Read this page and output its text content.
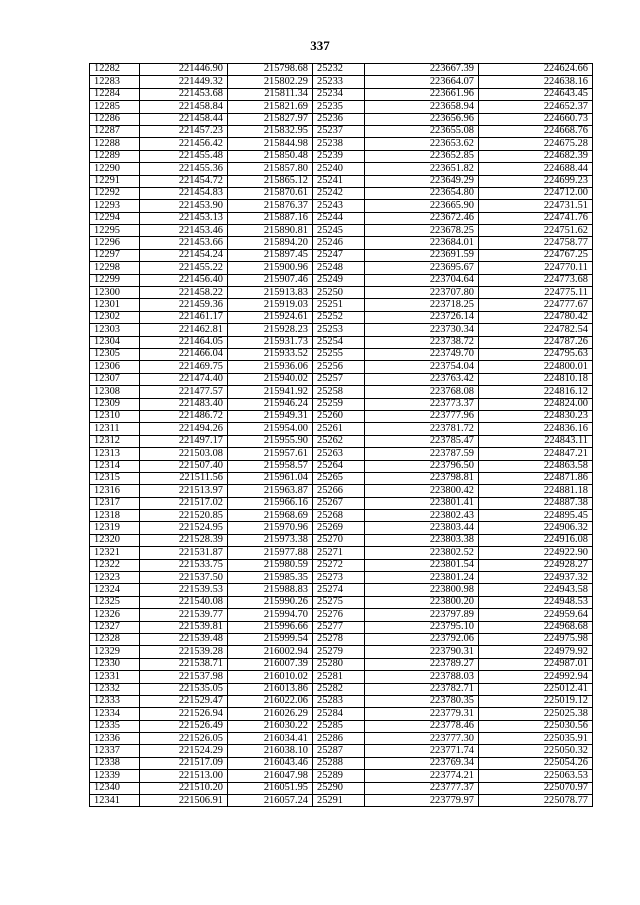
337
12282	221446.90	215798.68	25232	223667.39	224624.66
12283	221449.32	215802.29	25233	223664.07	224638.16
12284	221453.68	215811.34	25234	223661.96	224643.45
12285	221458.84	215821.69	25235	223658.94	224652.37
12286	221458.44	215827.97	25236	223656.96	224660.73
12287	221457.23	215832.95	25237	223655.08	224668.76
12288	221456.42	215844.98	25238	223653.62	224675.28
12289	221455.48	215850.48	25239	223652.85	224682.39
12290	221455.36	215857.80	25240	223651.82	224688.44
12291	221454.72	215865.12	25241	223649.29	224699.23
12292	221454.83	215870.61	25242	223654.80	224712.00
12293	221453.90	215876.37	25243	223665.90	224731.51
12294	221453.13	215887.16	25244	223672.46	224741.76
12295	221453.46	215890.81	25245	223678.25	224751.62
12296	221453.66	215894.20	25246	223684.01	224758.77
12297	221454.24	215897.45	25247	223691.59	224767.25
12298	221455.22	215900.96	25248	223695.67	224770.11
12299	221456.40	215907.46	25249	223704.64	224773.68
12300	221458.22	215913.83	25250	223707.80	224775.11
12301	221459.36	215919.03	25251	223718.25	224777.67
12302	221461.17	215924.61	25252	223726.14	224780.42
12303	221462.81	215928.23	25253	223730.34	224782.54
12304	221464.05	215931.73	25254	223738.72	224787.26
12305	221466.04	215933.52	25255	223749.70	224795.63
12306	221469.75	215936.06	25256	223754.04	224800.01
12307	221474.40	215940.02	25257	223763.42	224810.18
12308	221477.57	215941.92	25258	223768.08	224816.12
12309	221483.40	215946.24	25259	223773.37	224824.00
12310	221486.72	215949.31	25260	223777.96	224830.23
12311	221494.26	215954.00	25261	223781.72	224836.16
12312	221497.17	215955.90	25262	223785.47	224843.11
12313	221503.08	215957.61	25263	223787.59	224847.21
12314	221507.40	215958.57	25264	223796.50	224863.58
12315	221511.56	215961.04	25265	223798.81	224871.86
12316	221513.97	215963.87	25266	223800.42	224881.18
12317	221517.02	215966.16	25267	223801.41	224887.38
12318	221520.85	215968.69	25268	223802.43	224895.45
12319	221524.95	215970.96	25269	223803.44	224906.32
12320	221528.39	215973.38	25270	223803.38	224916.08
12321	221531.87	215977.88	25271	223802.52	224922.90
12322	221533.75	215980.59	25272	223801.54	224928.27
12323	221537.50	215985.35	25273	223801.24	224937.32
12324	221539.53	215988.83	25274	223800.98	224943.58
12325	221540.08	215990.26	25275	223800.20	224948.53
12326	221539.77	215994.70	25276	223797.89	224959.64
12327	221539.81	215996.66	25277	223795.10	224968.68
12328	221539.48	215999.54	25278	223792.06	224975.98
12329	221539.28	216002.94	25279	223790.31	224979.92
12330	221538.71	216007.39	25280	223789.27	224987.01
12331	221537.98	216010.02	25281	223788.03	224992.94
12332	221535.05	216013.86	25282	223782.71	225012.41
12333	221529.47	216022.06	25283	223780.35	225019.12
12334	221526.94	216026.29	25284	223779.31	225025.38
12335	221526.49	216030.22	25285	223778.46	225030.56
12336	221526.05	216034.41	25286	223777.30	225035.91
12337	221524.29	216038.10	25287	223771.74	225050.32
12338	221517.09	216043.46	25288	223769.34	225054.26
12339	221513.00	216047.98	25289	223774.21	225063.53
12340	221510.20	216051.95	25290	223777.37	225070.97
12341	221506.91	216057.24	25291	223779.97	225078.77
